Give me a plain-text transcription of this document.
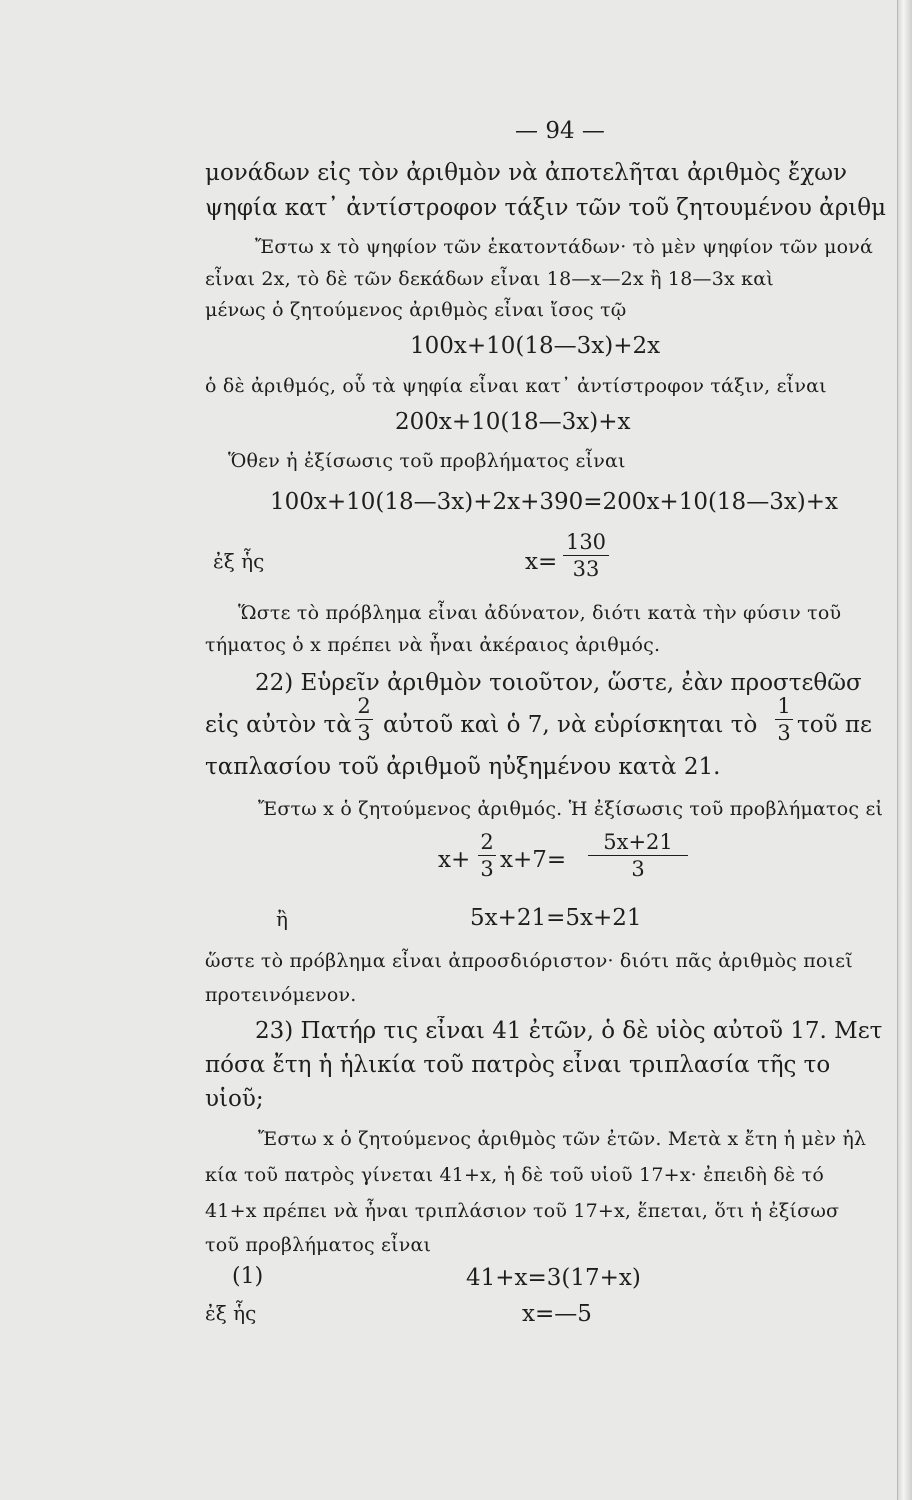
— 94 —
μονάδων εἰς τὸν ἀριθμὸν νὰ ἀποτελῆται ἀριθμὸς ἔχων
ψηφία κατ᾽ ἀντίστροφον τάξιν τῶν τοῦ ζητουμένου ἀριθμ
Ἔστω x τὸ ψηφίον τῶν ἑκατοντάδων· τὸ μὲν ψηφίον τῶν μονά
εἶναι 2x, τὸ δὲ τῶν δεκάδων εἶναι 18—x—2x ἢ 18—3x καὶ
μένως ὁ ζητούμενος ἀριθμὸς εἶναι ἴσος τῷ
100x+10(18—3x)+2x
ὁ δὲ ἀριθμός, οὗ τὰ ψηφία εἶναι κατ᾽ ἀντίστροφον τάξιν, εἶναι
200x+10(18—3x)+x
Ὅθεν ἡ ἐξίσωσις τοῦ προβλήματος εἶναι
100x+10(18—3x)+2x+390=200x+10(18—3x)+x
ἐξ ἧς	$x= \frac{130}{33}$
Ὥστε τὸ πρόβλημα εἶναι ἀδύνατον, διότι κατὰ τὴν φύσιν τοῦ
τήματος ὁ x πρέπει νὰ ἦναι ἀκέραιος ἀριθμός.
22) Εὑρεῖν ἀριθμὸν τοιοῦτον, ὥστε, ἐὰν προστεθῶσ
εἰς αὐτὸν τὰ $\frac{2}{3}$ αὐτοῦ καὶ ὁ 7, νὰ εὑρίσκηται τὸ $\frac{1}{3}$ τοῦ πε
ταπλασίου τοῦ ἀριθμοῦ ηὐξημένου κατὰ 21.
Ἔστω x ὁ ζητούμενος ἀριθμός. Ἡ ἐξίσωσις τοῦ προβλήματος εἰ
$x+ \frac{2}{3} x+7= \frac{5x+21}{3}$
ἢ	5x+21=5x+21
ὥστε τὸ πρόβλημα εἶναι ἀπροσδιόριστον· διότι πᾶς ἀριθμὸς ποιεῖ
προτεινόμενον.
23) Πατήρ τις εἶναι 41 ἐτῶν, ὁ δὲ υἱὸς αὐτοῦ 17. Μετ
πόσα ἔτη ἡ ἡλικία τοῦ πατρὸς εἶναι τριπλασία τῆς το
υἱοῦ;
Ἔστω x ὁ ζητούμενος ἀριθμὸς τῶν ἐτῶν. Μετὰ x ἔτη ἡ μὲν ἡλ
κία τοῦ πατρὸς γίνεται 41+x, ἡ δὲ τοῦ υἱοῦ 17+x· ἐπειδὴ δὲ τό
41+x πρέπει νὰ ἦναι τριπλάσιον τοῦ 17+x, ἕπεται, ὅτι ἡ ἐξίσωσ
τοῦ προβλήματος εἶναι
(1)	41+x=3(17+x)
ἐξ ἧς	x=—5
